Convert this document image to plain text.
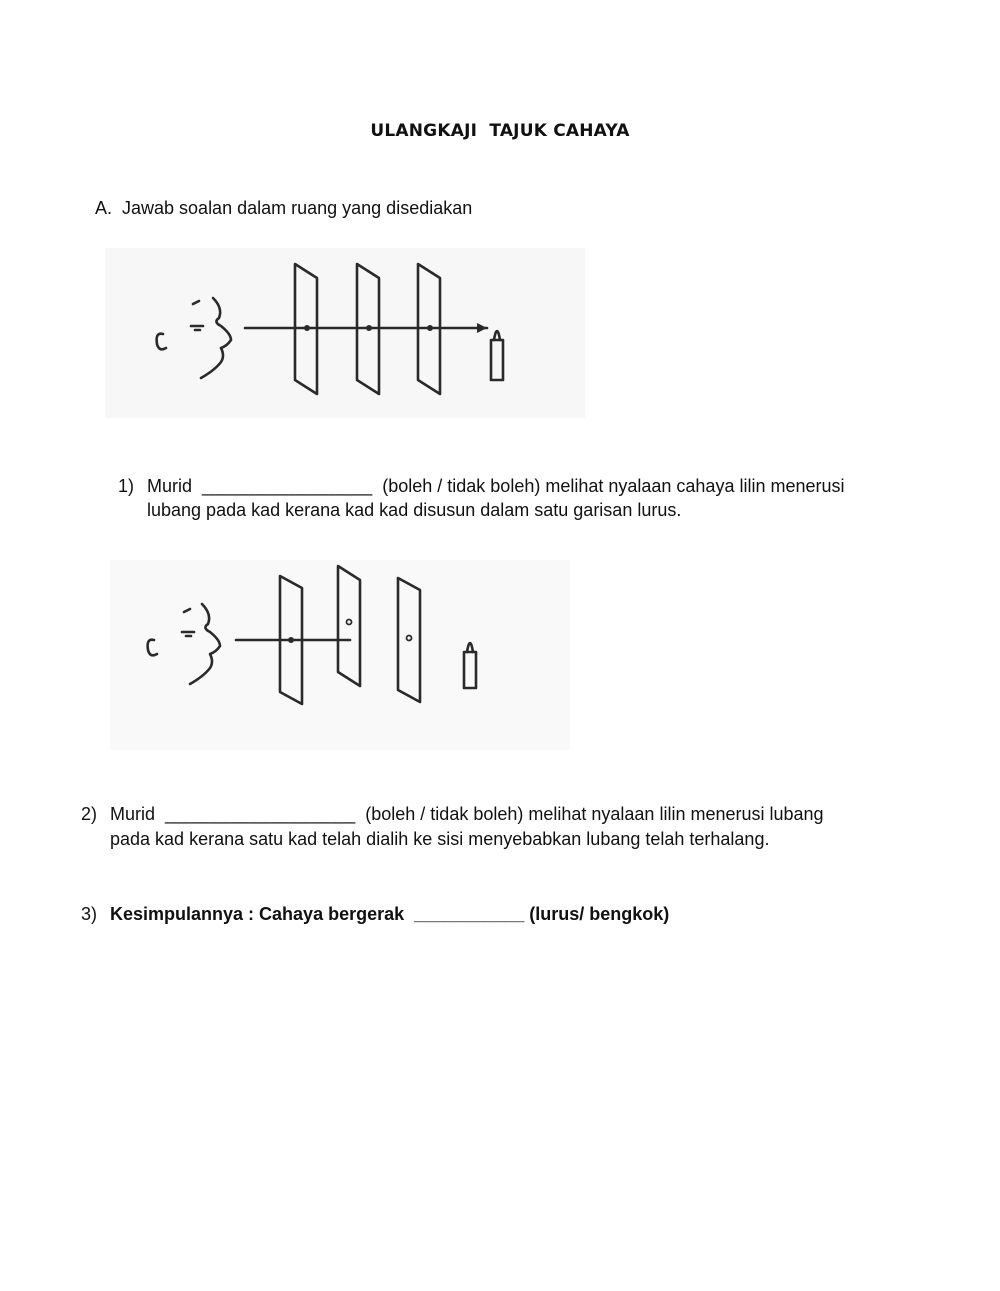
ULANGKAJI  TAJUK CAHAYA
A.  Jawab soalan dalam ruang yang disediakan
1) Murid _________________ (boleh / tidak boleh) melihat nyalaan cahaya lilin menerusi
lubang pada kad kerana kad kad disusun dalam satu garisan lurus.
2) Murid ___________________ (boleh / tidak boleh) melihat nyalaan lilin menerusi lubang
pada kad kerana satu kad telah dialih ke sisi menyebabkan lubang telah terhalang.
3) Kesimpulannya : Cahaya bergerak ___________ (lurus/ bengkok)
